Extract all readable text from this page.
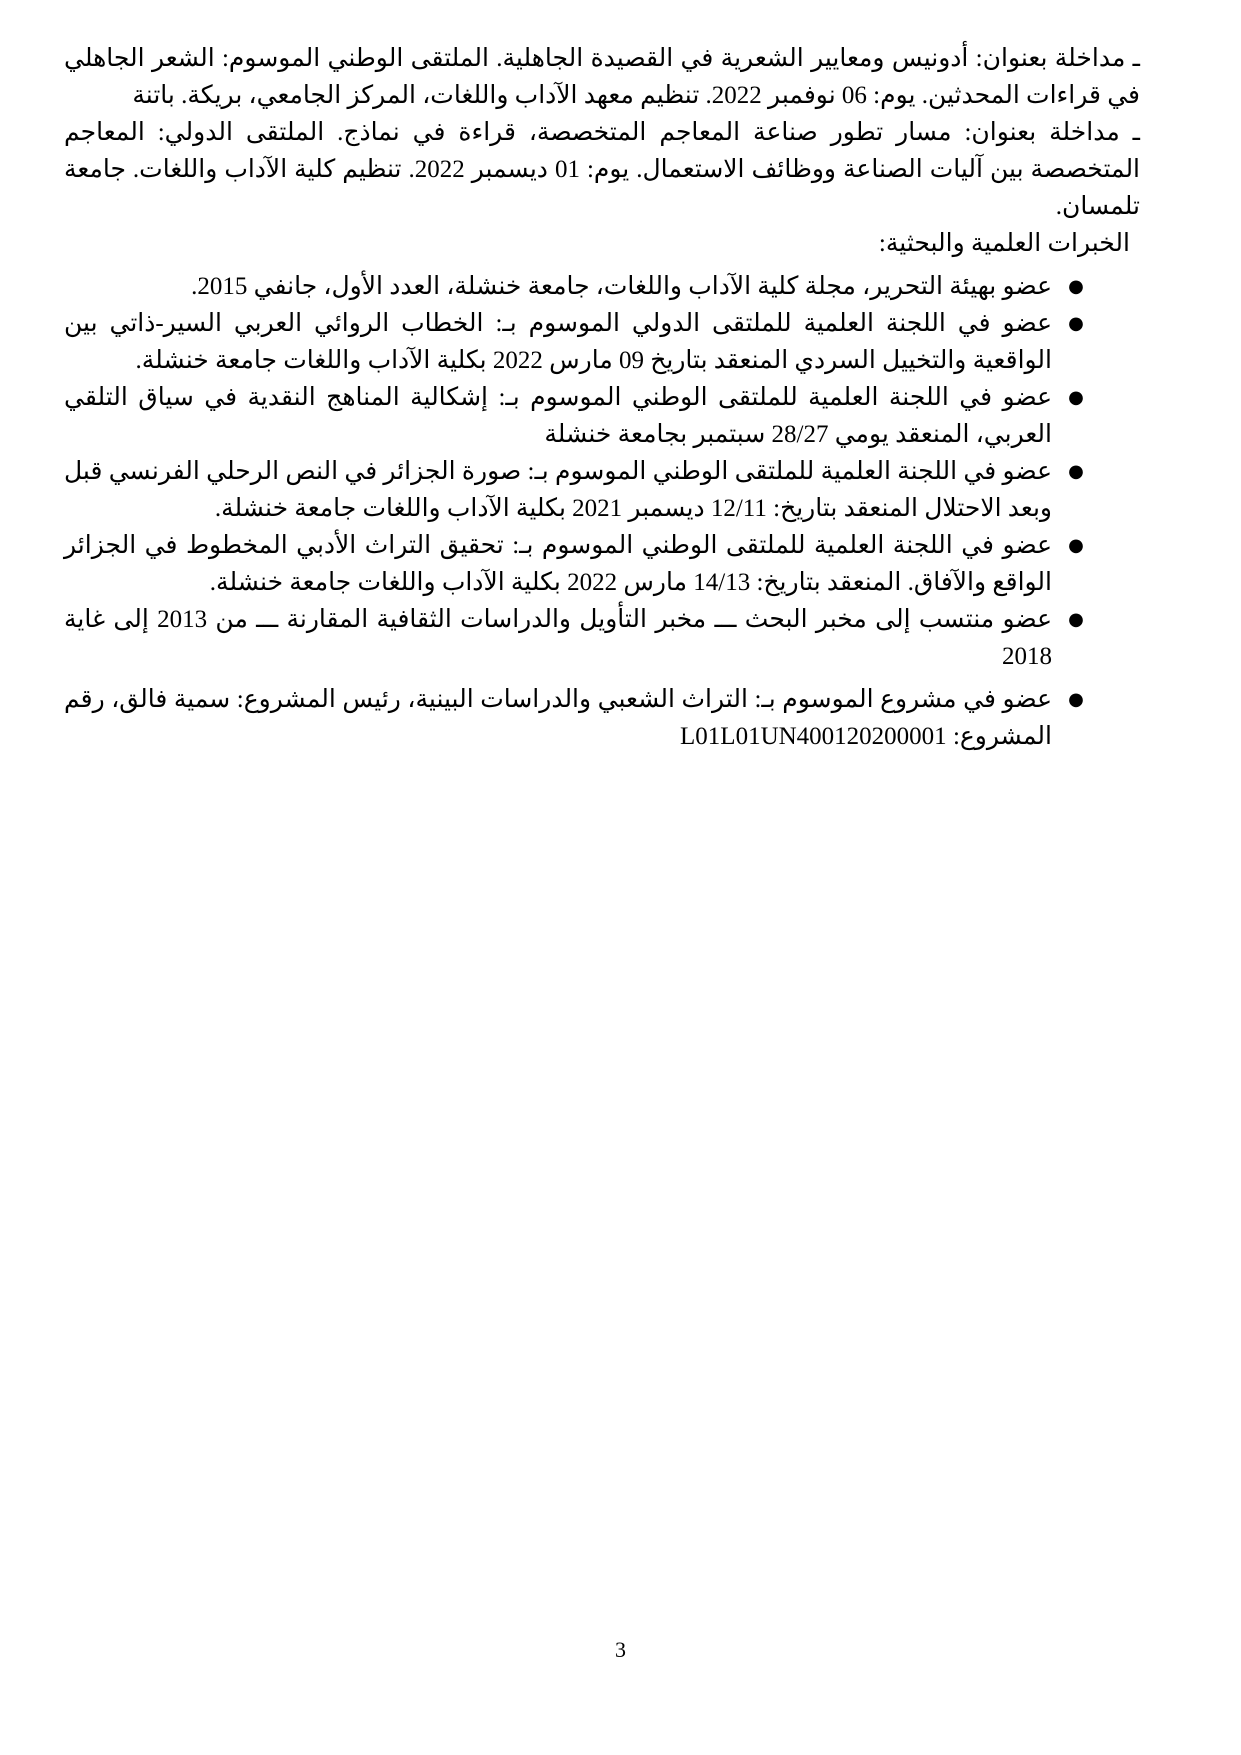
ـ مداخلة بعنوان: أدونيس ومعايير الشعرية في القصيدة الجاهلية. الملتقى الوطني الموسوم: الشعر الجاهلي في قراءات المحدثين. يوم: 06 نوفمبر 2022. تنظيم معهد الآداب واللغات، المركز الجامعي، بريكة. باتنة

ـ مداخلة بعنوان: مسار تطور صناعة المعاجم المتخصصة، قراءة في نماذج. الملتقى الدولي: المعاجم المتخصصة بين آليات الصناعة ووظائف الاستعمال. يوم: 01 ديسمبر 2022. تنظيم كلية الآداب واللغات. جامعة تلمسان.

الخبرات العلمية والبحثية:

●
عضو بهيئة التحرير، مجلة كلية الآداب واللغات، جامعة خنشلة، العدد الأول، جانفي 2015.
●
عضو في اللجنة العلمية للملتقى الدولي الموسوم بـ: الخطاب الروائي العربي السير-ذاتي بين الواقعية والتخييل السردي المنعقد بتاريخ 09 مارس 2022 بكلية الآداب واللغات جامعة خنشلة.
●
عضو في اللجنة العلمية للملتقى الوطني الموسوم بـ: إشكالية المناهج النقدية في سياق التلقي العربي، المنعقد يومي 28/27 سبتمبر بجامعة خنشلة
●
عضو في اللجنة العلمية للملتقى الوطني الموسوم بـ: صورة الجزائر في النص الرحلي الفرنسي قبل وبعد الاحتلال المنعقد بتاريخ: 12/11 ديسمبر 2021 بكلية الآداب واللغات جامعة خنشلة.
●
عضو في اللجنة العلمية للملتقى الوطني الموسوم بـ: تحقيق التراث الأدبي المخطوط في الجزائر الواقع والآفاق. المنعقد بتاريخ: 14/13 مارس 2022 بكلية الآداب واللغات جامعة خنشلة.
●
عضو منتسب إلى مخبر البحث ـــ مخبر التأويل والدراسات الثقافية المقارنة ـــ من 2013 إلى غاية 2018
●
عضو في مشروع الموسوم بـ: التراث الشعبي والدراسات البينية، رئيس المشروع: سمية فالق، رقم المشروع: L01L01UN400120200001
3
